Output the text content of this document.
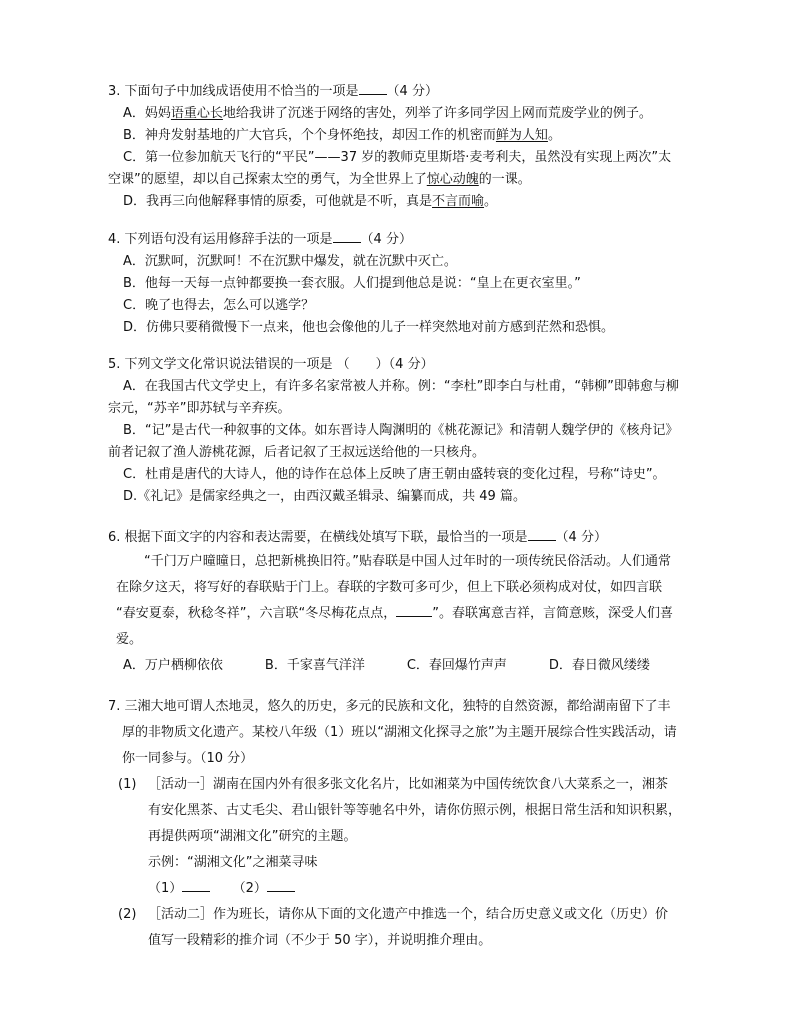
3. 下面句子中加线成语使用不恰当的一项是 （4 分）
A．妈妈语重心长地给我讲了沉迷于网络的害处，列举了许多同学因上网而荒废学业的例子。
B．神舟发射基地的广大官兵，个个身怀绝技，却因工作的机密而鲜为人知。
C．第一位参加航天飞行的“平民”——37 岁的教师克里斯塔·麦考利夫，虽然没有实现上两次”太
空课”的愿望，却以自己探索太空的勇气，为全世界上了惊心动魄的一课。
D．我再三向他解释事情的原委，可他就是不听，真是不言而喻。
4. 下列语句没有运用修辞手法的一项是 （4 分）
A．沉默呵，沉默呵！不在沉默中爆发，就在沉默中灭亡。
B．他每一天每一点钟都要换一套衣服。人们提到他总是说：“皇上在更衣室里。”
C．晚了也得去，怎么可以逃学？
D．仿佛只要稍微慢下一点来，他也会像他的儿子一样突然地对前方感到茫然和恐惧。
5. 下列文学文化常识说法错误的一项是 （　　）（4 分）
A．在我国古代文学史上，有许多名家常被人并称。例：“李杜”即李白与杜甫，“韩柳”即韩愈与柳
宗元，“苏辛”即苏轼与辛弃疾。
B．“记”是古代一种叙事的文体。如东晋诗人陶渊明的《桃花源记》和清朝人魏学伊的《核舟记》
前者记叙了渔人游桃花源，后者记叙了王叔远送给他的一只核舟。
C．杜甫是唐代的大诗人，他的诗作在总体上反映了唐王朝由盛转衰的变化过程，号称“诗史”。
D.《礼记》是儒家经典之一，由西汉戴圣辑录、编纂而成，共 49 篇。
6. 根据下面文字的内容和表达需要，在横线处填写下联，最恰当的一项是 （4 分）
“千门万户曈曈日，总把新桃换旧符。”贴春联是中国人过年时的一项传统民俗活动。人们通常
在除夕这天，将写好的春联贴于门上。春联的字数可多可少，但上下联必须构成对仗，如四言联
“春安夏泰，秋稔冬祥”，六言联“冬尽梅花点点，	”。春联寓意吉祥，言简意赅，深受人们喜
爱。
A．万户栖柳依依	B．千家喜气洋洋	C．春回爆竹声声	D．春日微风缕缕
7. 三湘大地可谓人杰地灵，悠久的历史，多元的民族和文化，独特的自然资源，都给湖南留下了丰
厚的非物质文化遗产。某校八年级（1）班以“湖湘文化探寻之旅”为主题开展综合性实践活动，请
你一同参与。（10 分）
(1) ［活动一］湖南在国内外有很多张文化名片，比如湘菜为中国传统饮食八大菜系之一，湘茶
有安化黑茶、古丈毛尖、君山银针等等驰名中外，请你仿照示例，根据日常生活和知识积累，
再提供两项“湖湘文化”研究的主题。
示例：“湖湘文化”之湘菜寻味
（1）	（2）
(2) ［活动二］作为班长，请你从下面的文化遗产中推选一个，结合历史意义或文化（历史）价
值写一段精彩的推介词（不少于 50 字），并说明推介理由。
